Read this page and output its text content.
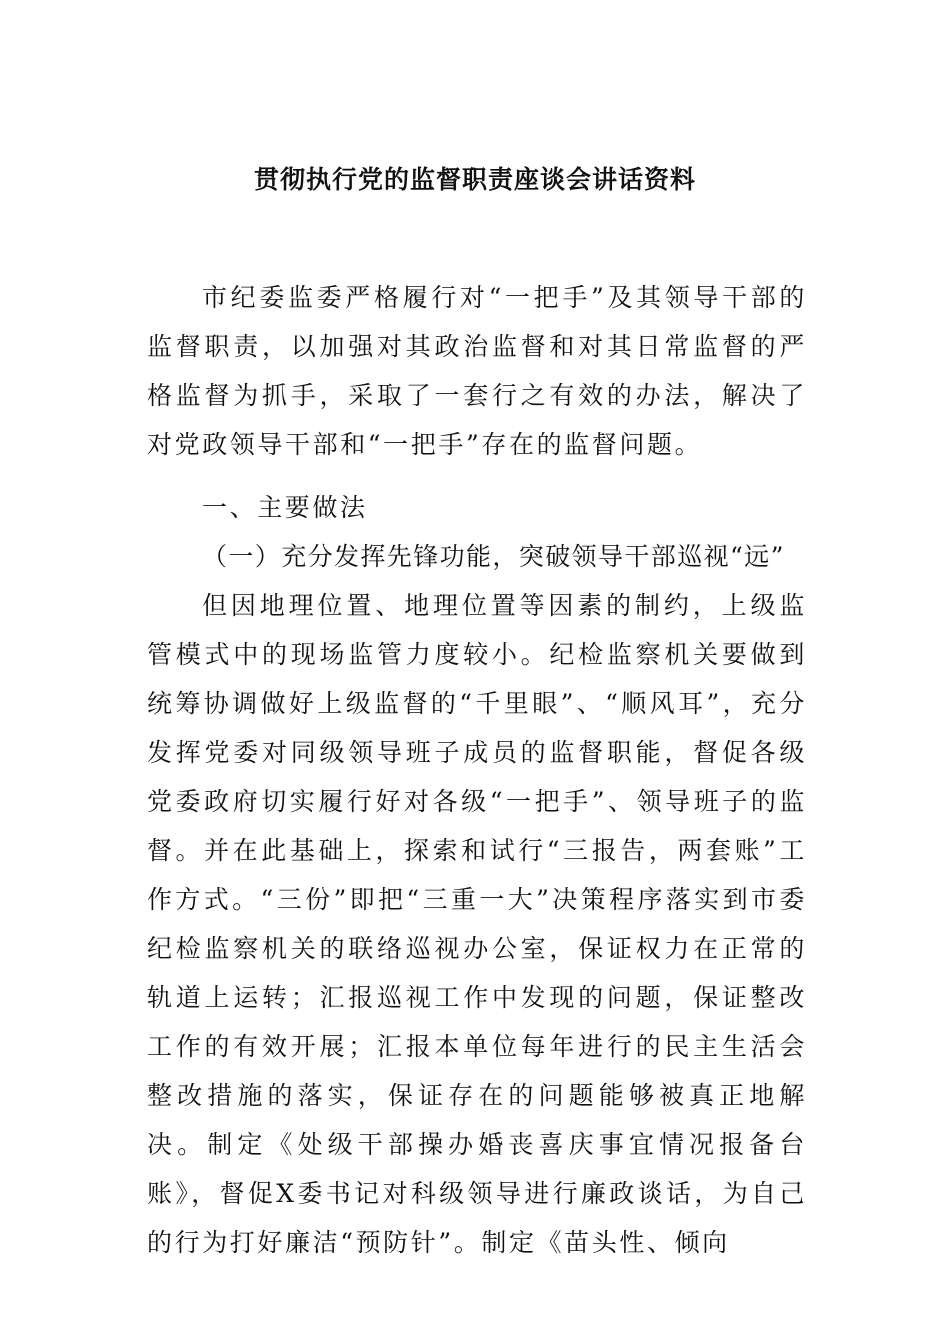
贯彻执行党的监督职责座谈会讲话资料

市纪委监委严格履行对“一把手”及其领导干部的监督职责，以加强对其政治监督和对其日常监督的严格监督为抓手，采取了一套行之有效的办法，解决了对党政领导干部和“一把手”存在的监督问题。

一、主要做法

（一）充分发挥先锋功能，突破领导干部巡视“远”

但因地理位置、地理位置等因素的制约，上级监管模式中的现场监管力度较小。纪检监察机关要做到统筹协调做好上级监督的“千里眼”、“顺风耳”，充分发挥党委对同级领导班子成员的监督职能，督促各级党委政府切实履行好对各级“一把手”、领导班子的监督。并在此基础上，探索和试行“三报告，两套账”工作方式。“三份”即把“三重一大”决策程序落实到市委纪检监察机关的联络巡视办公室，保证权力在正常的轨道上运转；汇报巡视工作中发现的问题，保证整改工作的有效开展；汇报本单位每年进行的民主生活会整改措施的落实，保证存在的问题能够被真正地解决。制定《处级干部操办婚丧喜庆事宜情况报备台账》，督促X委书记对科级领导进行廉政谈话，为自己的行为打好廉洁“预防针”。制定《苗头性、倾向
